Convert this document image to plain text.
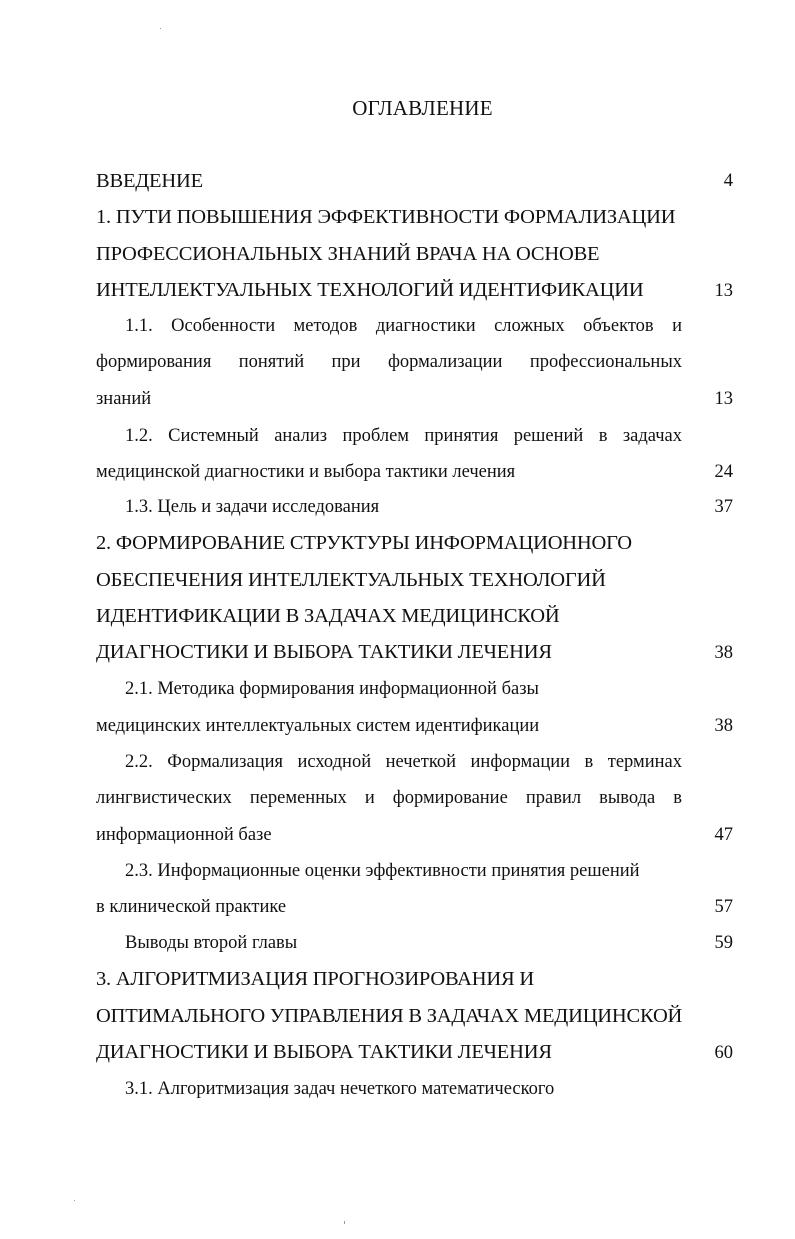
ОГЛАВЛЕНИЕ
ВВЕДЕНИЕ	4
1. ПУТИ ПОВЫШЕНИЯ ЭФФЕКТИВНОСТИ ФОРМАЛИЗАЦИИ
ПРОФЕССИОНАЛЬНЫХ ЗНАНИЙ ВРАЧА НА ОСНОВЕ
ИНТЕЛЛЕКТУАЛЬНЫХ ТЕХНОЛОГИЙ ИДЕНТИФИКАЦИИ	13
1.1. Особенности методов диагностики сложных объектов и
формирования понятий при формализации профессиональных
знаний	13
1.2. Системный анализ проблем принятия решений в задачах
медицинской диагностики и выбора тактики лечения	24
1.3. Цель и задачи исследования	37
2. ФОРМИРОВАНИЕ СТРУКТУРЫ ИНФОРМАЦИОННОГО
ОБЕСПЕЧЕНИЯ ИНТЕЛЛЕКТУАЛЬНЫХ ТЕХНОЛОГИЙ
ИДЕНТИФИКАЦИИ В ЗАДАЧАХ МЕДИЦИНСКОЙ
ДИАГНОСТИКИ И ВЫБОРА ТАКТИКИ ЛЕЧЕНИЯ	38
2.1. Методика формирования информационной базы
медицинских интеллектуальных систем идентификации	38
2.2. Формализация исходной нечеткой информации в терминах
лингвистических переменных и формирование правил вывода в
информационной базе	47
2.3. Информационные оценки эффективности принятия решений
в клинической практике	57
Выводы второй главы	59
3. АЛГОРИТМИЗАЦИЯ ПРОГНОЗИРОВАНИЯ И
ОПТИМАЛЬНОГО УПРАВЛЕНИЯ В ЗАДАЧАХ МЕДИЦИНСКОЙ
ДИАГНОСТИКИ И ВЫБОРА ТАКТИКИ ЛЕЧЕНИЯ	60
3.1. Алгоритмизация задач нечеткого математического
